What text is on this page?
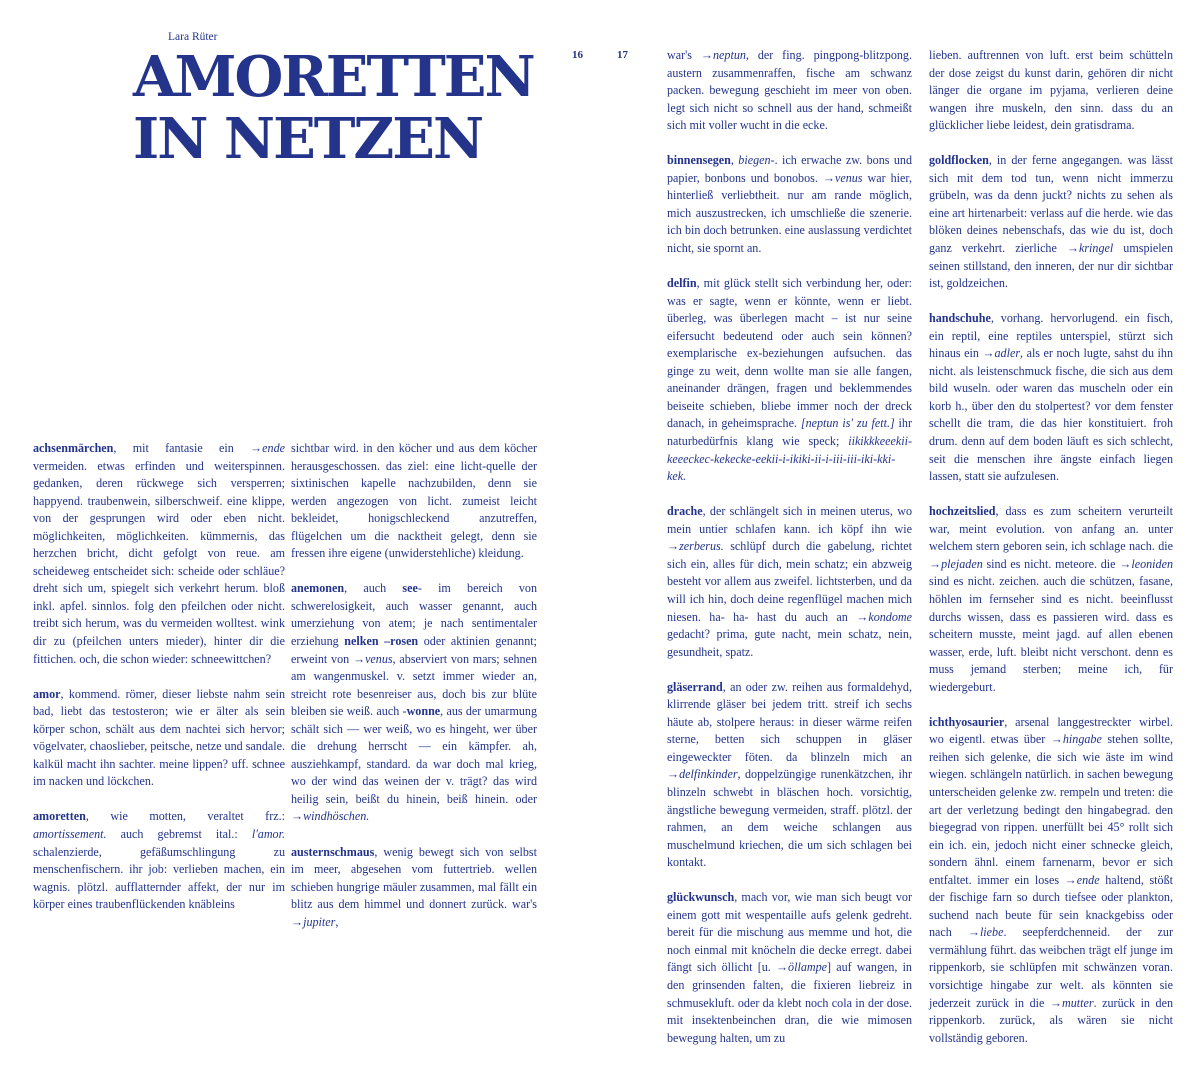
Lara Rüter
AMORETTEN
IN NETZEN
16	17

achsenmärchen, mit fantasie ein →ende vermeiden. etwas erfinden und weiterspinnen. gedanken, deren rückwege sich versperren; happyend. traubenwein, silberschweif. eine klippe, von der gesprungen wird oder eben nicht. möglichkeiten, möglichkeiten. kümmernis, das herzchen bricht, dicht gefolgt von reue. am scheideweg entscheidet sich: scheide oder schläue? dreht sich um, spiegelt sich verkehrt herum. bloß inkl. apfel. sinnlos. folg den pfeilchen oder nicht. treibt sich herum, was du vermeiden wolltest. wink dir zu (pfeilchen unters mieder), hinter dir die fittichen. och, die schon wieder: schneewittchen?

amor, kommend. römer, dieser liebste nahm sein bad, liebt das testosteron; wie er älter als sein körper schon, schält aus dem nachtei sich hervor; vögelvater, chaoslieber, peitsche, netze und sandale. kalkül macht ihn sachter. meine lippen? uff. schnee im nacken und löckchen.

amoretten, wie motten, veraltet frz.: amortissement. auch gebremst ital.: l'amor. schalenzierde, gefäßumschlingung zu menschenfischern. ihr job: verlieben machen, ein wagnis. plötzl. aufflatternder affekt, der nur im körper eines traubenflückenden knäbleins

sichtbar wird. in den köcher und aus dem köcher herausgeschossen. das ziel: eine licht-quelle der sixtinischen kapelle nachzubilden, denn sie werden angezogen von licht. zumeist leicht bekleidet, honigschleckend anzutreffen, flügelchen um die nacktheit gelegt, denn sie fressen ihre eigene (unwiderstehliche) kleidung.

anemonen, auch see- im bereich von schwerelosigkeit, auch wasser genannt, auch umerziehung von atem; je nach sentimentaler erziehung nelken –rosen oder aktinien genannt; erweint von →venus, abserviert von mars; sehnen am wangenmuskel. v. setzt immer wieder an, streicht rote besenreiser aus, doch bis zur blüte bleiben sie weiß. auch -wonne, aus der umarmung schält sich — wer weiß, wo es hingeht, wer über die drehung herrscht — ein kämpfer. ah, ausziehkampf, standard. da war doch mal krieg, wo der wind das weinen der v. trägt? das wird heilig sein, beißt du hinein, beiß hinein. oder →windhöschen.

austernschmaus, wenig bewegt sich von selbst im meer, abgesehen vom futtertrieb. wellen schieben hungrige mäuler zusammen, mal fällt ein blitz aus dem himmel und donnert zurück. war's →jupiter,

war's →neptun, der fing. pingpong-blitzpong. austern zusammenraffen, fische am schwanz packen. bewegung geschieht im meer von oben. legt sich nicht so schnell aus der hand, schmeißt sich mit voller wucht in die ecke.

binnensegen, biegen-. ich erwache zw. bons und papier, bonbons und bonobos. →venus war hier, hinterließ verliebtheit. nur am rande möglich, mich auszustrecken, ich umschließe die szenerie. ich bin doch betrunken. eine auslassung verdichtet nicht, sie spornt an.

delfin, mit glück stellt sich verbindung her, oder: was er sagte, wenn er könnte, wenn er liebt. überleg, was überlegen macht – ist nur seine eifersucht bedeutend oder auch sein können? exemplarische ex-beziehungen aufsuchen. das ginge zu weit, denn wollte man sie alle fangen, aneinander drängen, fragen und beklemmendes beiseite schieben, bliebe immer noch der dreck danach, in geheimsprache. [neptun is' zu fett.] ihr naturbedürfnis klang wie speck; iikikkkeeekii-keeeckec-kekecke-eekii-i-ikiki-ii-i-iii-iii-iki-kki-kek.

drache, der schlängelt sich in meinen uterus, wo mein untier schlafen kann. ich köpf ihn wie →zerberus. schlüpf durch die gabelung, richtet sich ein, alles für dich, mein schatz; ein abzweig besteht vor allem aus zweifel. lichtsterben, und da will ich hin, doch deine regenflügel machen mich niesen. ha- ha- hast du auch an →kondome gedacht? prima, gute nacht, mein schatz, nein, gesundheit, spatz.

gläserrand, an oder zw. reihen aus formaldehyd, klirrende gläser bei jedem tritt. streif ich sechs häute ab, stolpere heraus: in dieser wärme reifen sterne, betten sich schuppen in gläser eingeweckter föten. da blinzeln mich an →delfinkinder, doppelzüngige runenkätzchen, ihr blinzeln schwebt in bläschen hoch. vorsichtig, ängstliche bewegung vermeiden, straff. plötzl. der rahmen, an dem weiche schlangen aus muschelmund kriechen, die um sich schlagen bei kontakt.

glückwunsch, mach vor, wie man sich beugt vor einem gott mit wespentaille aufs gelenk gedreht. bereit für die mischung aus memme und hot, die noch einmal mit knöcheln die decke erregt. dabei fängt sich öllicht [u. →öllampe] auf wangen, in den grinsenden falten, die fixieren liebreiz in schmusekluft. oder da klebt noch cola in der dose. mit insektenbeinchen dran, die wie mimosen bewegung halten, um zu

lieben. auftrennen von luft. erst beim schütteln der dose zeigst du kunst darin, gehören dir nicht länger die organe im pyjama, verlieren deine wangen ihre muskeln, den sinn. dass du an glücklicher liebe leidest, dein gratisdrama.

goldflocken, in der ferne angegangen. was lässt sich mit dem tod tun, wenn nicht immerzu grübeln, was da denn juckt? nichts zu sehen als eine art hirtenarbeit: verlass auf die herde. wie das blöken deines nebenschafs, das wie du ist, doch ganz verkehrt. zierliche →kringel umspielen seinen stillstand, den inneren, der nur dir sichtbar ist, goldzeichen.

handschuhe, vorhang. hervorlugend. ein fisch, ein reptil, eine reptiles unterspiel, stürzt sich hinaus ein →adler, als er noch lugte, sahst du ihn nicht. als leistenschmuck fische, die sich aus dem bild wuseln. oder waren das muscheln oder ein korb h., über den du stolpertest? vor dem fenster schellt die tram, die das hier konstituiert. froh drum. denn auf dem boden läuft es sich schlecht, seit die menschen ihre ängste einfach liegen lassen, statt sie aufzulesen.

hochzeitslied, dass es zum scheitern verurteilt war, meint evolution. von anfang an. unter welchem stern geboren sein, ich schlage nach. die →plejaden sind es nicht. meteore. die →leoniden sind es nicht. zeichen. auch die schützen, fasane, höhlen im fernseher sind es nicht. beeinflusst durchs wissen, dass es passieren wird. dass es scheitern musste, meint jagd. auf allen ebenen wasser, erde, luft. bleibt nicht verschont. denn es muss jemand sterben; meine ich, für wiedergeburt.

ichthyosaurier, arsenal langgestreckter wirbel. wo eigentl. etwas über →hingabe stehen sollte, reihen sich gelenke, die sich wie äste im wind wiegen. schlängeln natürlich. in sachen bewegung unterscheiden gelenke zw. rempeln und treten: die art der verletzung bedingt den hingabegrad. den biegegrad von rippen. unerfüllt bei 45° rollt sich ein ich. ein, jedoch nicht einer schnecke gleich, sondern ähnl. einem farnenarm, bevor er sich entfaltet. immer ein loses →ende haltend, stößt der fischige farn so durch tiefsee oder plankton, suchend nach beute für sein knackgebiss oder nach →liebe. seepferdchenneid. der zur vermählung führt. das weibchen trägt elf junge im rippenkorb, sie schlüpfen mit schwänzen voran. vorsichtige hingabe zur welt. als könnten sie jederzeit zurück in die →mutter. zurück in den rippenkorb. zurück, als wären sie nicht vollständig geboren.
